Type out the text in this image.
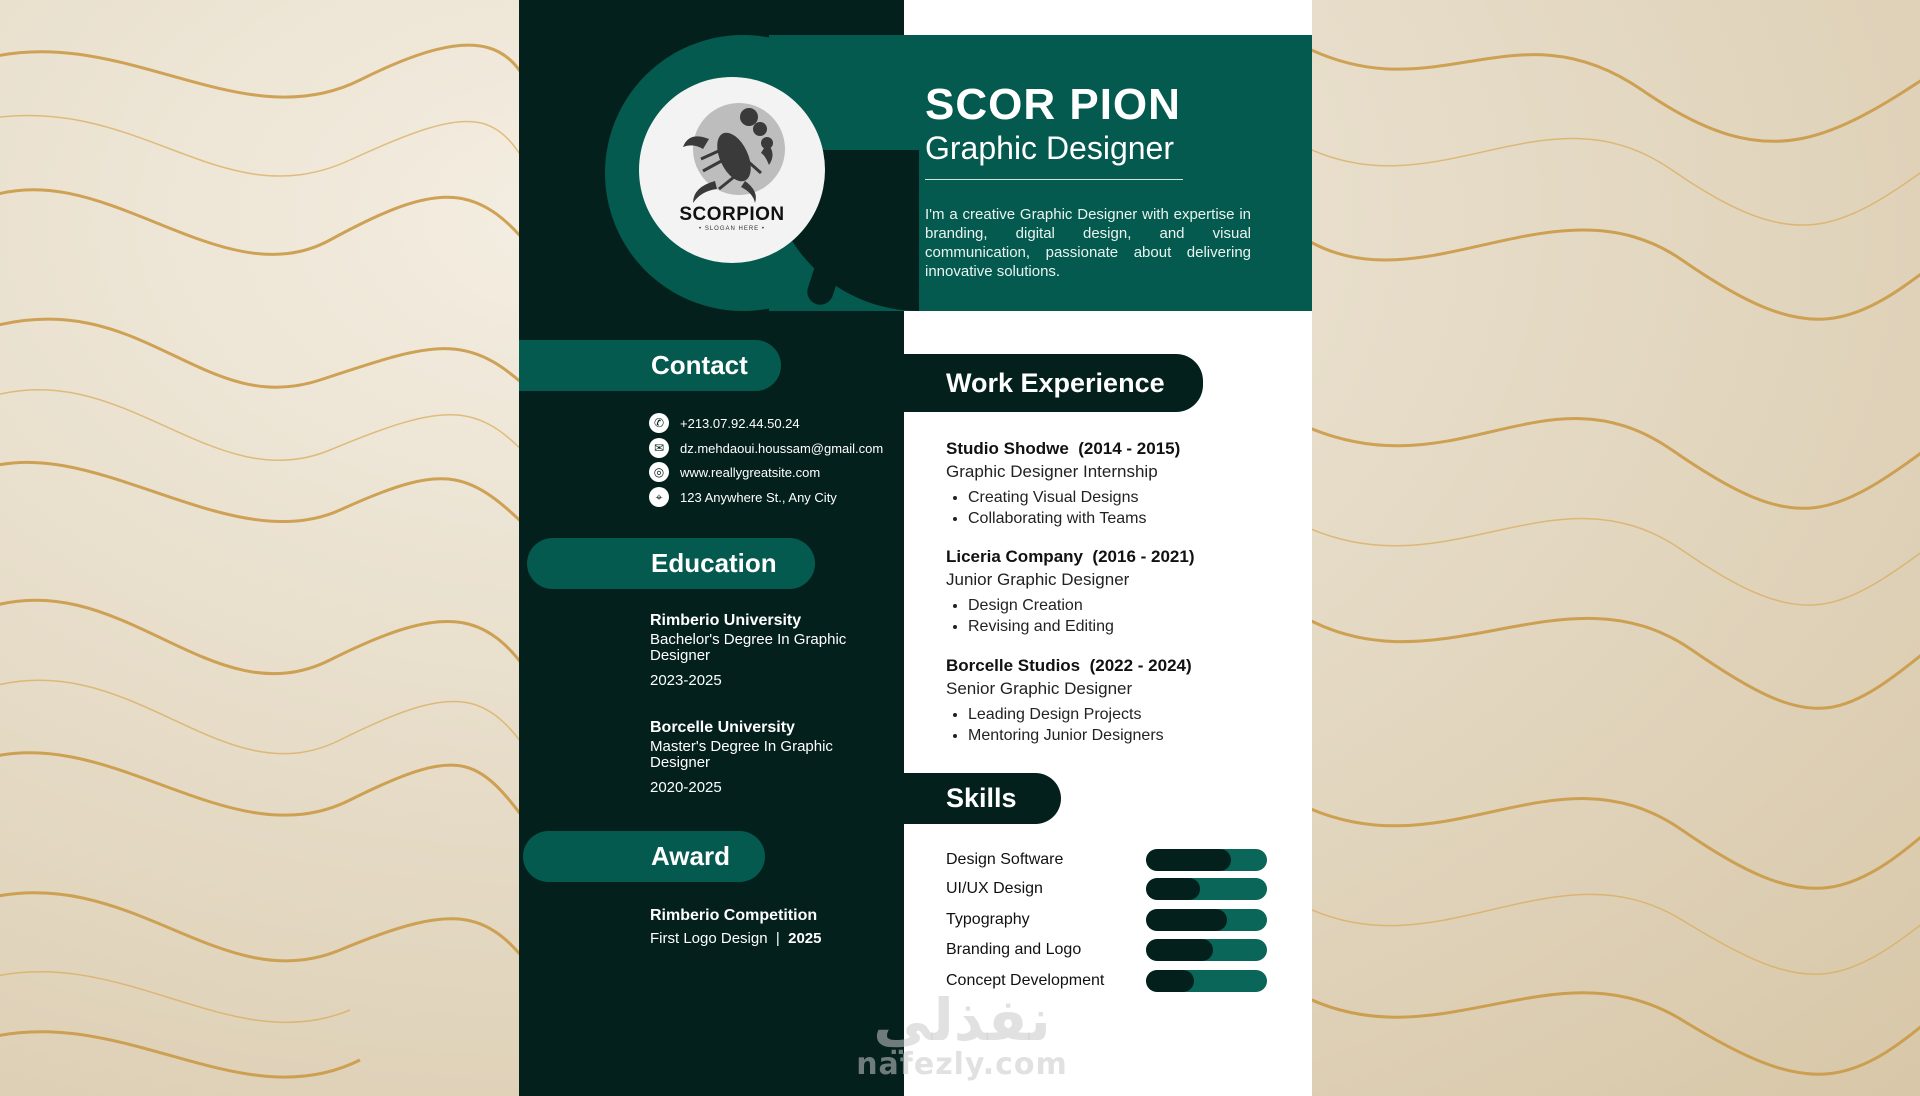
SCORPION
• SLOGAN HERE •
SCOR PION
Graphic Designer
I'm a creative Graphic Designer with expertise in branding, digital design, and visual communication, passionate about delivering innovative solutions.
Contact
✆	+213.07.92.44.50.24
✉	dz.mehdaoui.houssam@gmail.com
◎	www.reallygreatsite.com
⌖	123 Anywhere St., Any City
Education
Rimberio University
Bachelor's Degree In Graphic Designer
2023-2025
Borcelle University
Master's Degree In Graphic Designer
2020-2025
Award
Rimberio Competition
First Logo Design  |  2025
Work Experience
Studio Shodwe  (2014 - 2015)
Graphic Designer Internship
• Creating Visual Designs
• Collaborating with Teams
Liceria Company  (2016 - 2021)
Junior Graphic Designer
• Design Creation
• Revising and Editing
Borcelle Studios  (2022 - 2024)
Senior Graphic Designer
• Leading Design Projects
• Mentoring Junior Designers
Skills
Design Software
UI/UX Design
Typography
Branding and Logo
Concept Development
نفذلي
nafezly.com
